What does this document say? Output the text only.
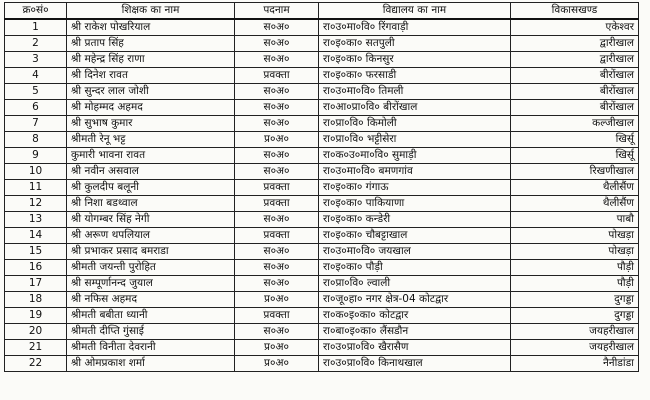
क्र०सं०	शिक्षक का नाम	पदनाम	विद्यालय का नाम	विकासखण्ड
1	श्री राकेश पोखरियाल	स०अ०	रा०उ०मा०वि० रिंगवाड़ी	एकेश्वर
2	श्री प्रताप सिंह	स०अ०	रा०इ०का० सतपुली	द्वारीखाल
3	श्री महेन्द्र सिंह राणा	स०अ०	रा०इ०का० किनसुर	द्वारीखाल
4	श्री दिनेश रावत	प्रवक्ता	रा०इ०का० फरसाडी	बीरोंखाल
5	श्री सुन्दर लाल जोशी	स०अ०	रा०उ०मा०वि० तिमली	बीरोंखाल
6	श्री मोहम्मद अहमद	स०अ०	रा०आ०प्रा०वि० बीरोंखाल	बीरोंखाल
7	श्री सुभाष कुमार	स०अ०	रा०प्रा०वि० किमोली	कल्जीखाल
8	श्रीमती रेनू भट्ट	प्र०अ०	रा०प्रा०वि० भट्टीसेरा	खिर्सू
9	कुमारी भावना रावत	स०अ०	रा०क०उ०मा०वि० सुमाड़ी	खिर्सू
10	श्री नवीन असवाल	स०अ०	रा०उ०मा०वि० बमणगांव	रिखणीखाल
11	श्री कुलदीप बलूनी	प्रवक्ता	रा०इ०का० गंगाऊ	थैलीसैंण
12	श्री निशा बडथ्वाल	प्रवक्ता	रा०इ०का० पाकियाणा	थैलीसैंण
13	श्री योगम्बर सिंह नेगी	स०अ०	रा०इ०का० कन्डेरी	पाबौ
14	श्री अरूण थपलियाल	प्रवक्ता	रा०इ०का० चौबट्टाखाल	पोखड़ा
15	श्री प्रभाकर प्रसाद बमराडा	स०अ०	रा०उ०मा०वि० जयखाल	पोखड़ा
16	श्रीमती जयन्ती पुरोहित	स०अ०	रा०इ०का० पौड़ी	पौड़ी
17	श्री सम्पूर्णानन्द जुयाल	स०अ०	रा०प्रा०वि० ल्वाली	पौड़ी
18	श्री नफिस अहमद	प्र०अ०	रा०जू०हा० नगर क्षेत्र-04 कोटद्वार	दुगड्डा
19	श्रीमती बबीता ध्यानी	प्रवक्ता	रा०क०इ०का० कोटद्वार	दुगड्डा
20	श्रीमती दीप्ति गुंसाई	स०अ०	रा०बा०इ०का० लैंसडौन	जयहरीखाल
21	श्रीमती विनीता देवरानी	प्र०अ०	रा०उ०प्रा०वि० खैरासैण	जयहरीखाल
22	श्री ओमप्रकाश शर्मा	प्र०अ०	रा०उ०प्रा०वि० किनाथखाल	नैनीडांडा
